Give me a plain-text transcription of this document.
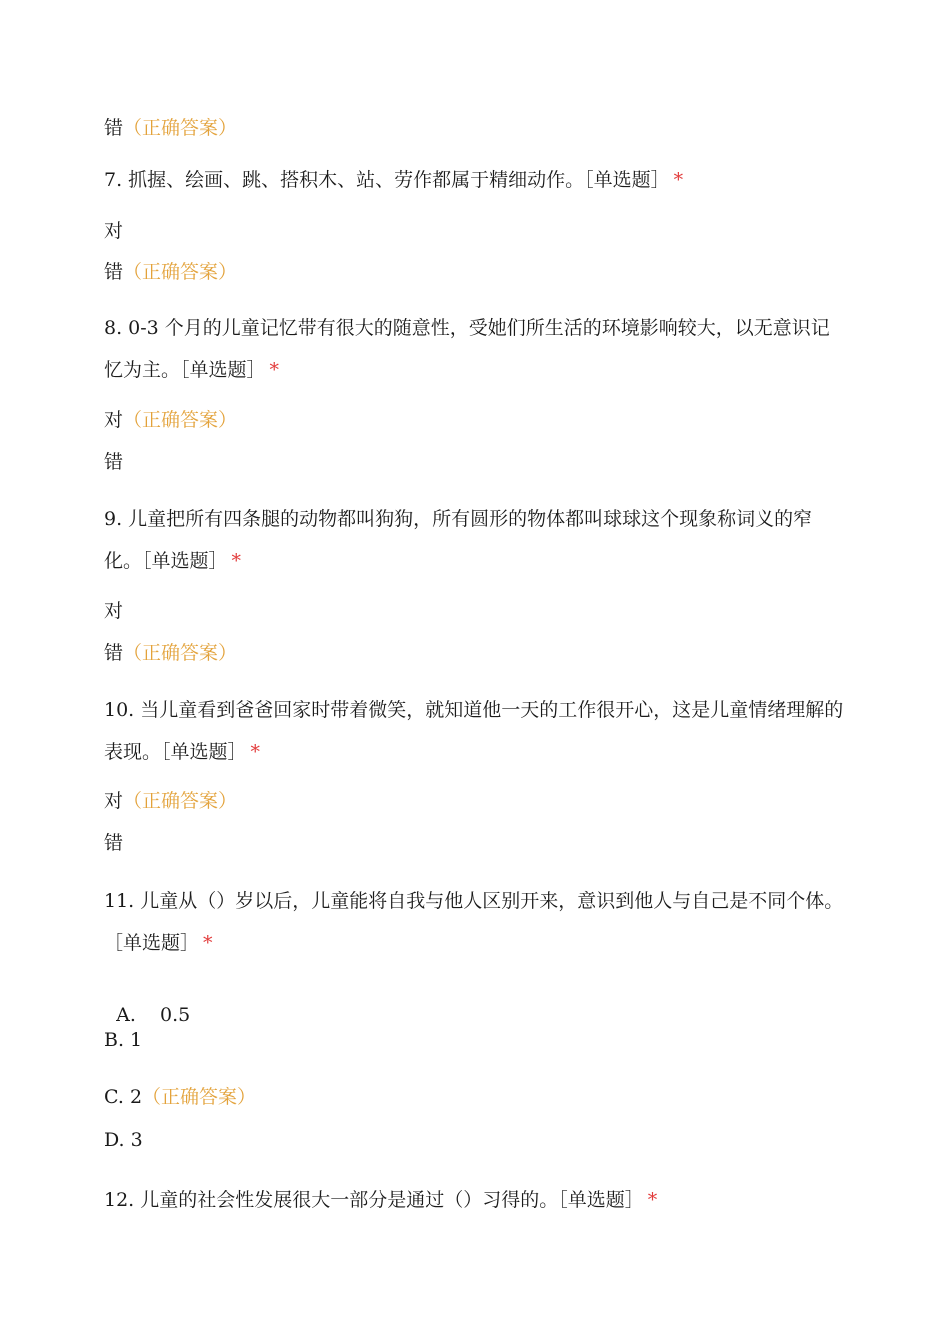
错（正确答案）
7. 抓握、绘画、跳、搭积木、站、劳作都属于精细动作。［单选题］ *
对
错（正确答案）
8. 0-3 个月的儿童记忆带有很大的随意性，受她们所生活的环境影响较大，以无意识记忆为主。［单选题］ *
对（正确答案）
错
9. 儿童把所有四条腿的动物都叫狗狗，所有圆形的物体都叫球球这个现象称词义的窄化。［单选题］ *
对
错（正确答案）
10. 当儿童看到爸爸回家时带着微笑，就知道他一天的工作很开心，这是儿童情绪理解的表现。［单选题］ *
对（正确答案）
错
11. 儿童从（）岁以后，儿童能将自我与他人区别开来，意识到他人与自己是不同个体。［单选题］ *

A.    0.5

B. 1
C. 2（正确答案）
D. 3
12. 儿童的社会性发展很大一部分是通过（）习得的。［单选题］ *
